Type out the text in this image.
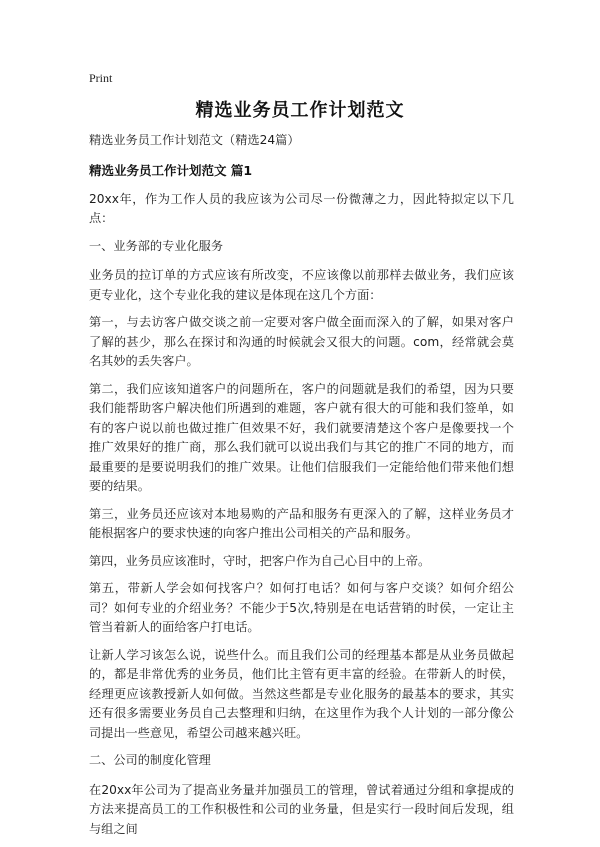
Print
精选业务员工作计划范文

精选业务员工作计划范文（精选24篇）

精选业务员工作计划范文 篇1

20xx年，作为工作人员的我应该为公司尽一份微薄之力，因此特拟定以下几点：

一、业务部的专业化服务

业务员的拉订单的方式应该有所改变，不应该像以前那样去做业务，我们应该更专业化，这个专业化我的建议是体现在这几个方面：

第一，与去访客户做交谈之前一定要对客户做全面而深入的了解，如果对客户了解的甚少，那么在探讨和沟通的时候就会又很大的问题。com，经常就会莫名其妙的丢失客户。

第二，我们应该知道客户的问题所在，客户的问题就是我们的希望，因为只要我们能帮助客户解决他们所遇到的难题，客户就有很大的可能和我们签单，如有的客户说以前也做过推广但效果不好，我们就要清楚这个客户是像要找一个推广效果好的推广商，那么我们就可以说出我们与其它的推广不同的地方，而最重要的是要说明我们的推广效果。让他们信服我们一定能给他们带来他们想要的结果。

第三，业务员还应该对本地易购的产品和服务有更深入的了解，这样业务员才能根据客户的要求快速的向客户推出公司相关的产品和服务。

第四，业务员应该准时，守时，把客户作为自己心目中的上帝。

第五，带新人学会如何找客户？如何打电话？如何与客户交谈？如何介绍公司？如何专业的介绍业务？不能少于5次,特别是在电话营销的时侯，一定让主管当着新人的面给客户打电话。

让新人学习该怎么说，说些什么。而且我们公司的经理基本都是从业务员做起的，都是非常优秀的业务员，他们比主管有更丰富的经验。在带新人的时侯，经理更应该教授新人如何做。当然这些都是专业化服务的最基本的要求，其实还有很多需要业务员自己去整理和归纳，在这里作为我个人计划的一部分像公司提出一些意见，希望公司越来越兴旺。

二、公司的制度化管理

在20xx年公司为了提高业务量并加强员工的管理，曾试着通过分组和拿提成的方法来提高员工的工作积极性和公司的业务量，但是实行一段时间后发现，组与组之间
